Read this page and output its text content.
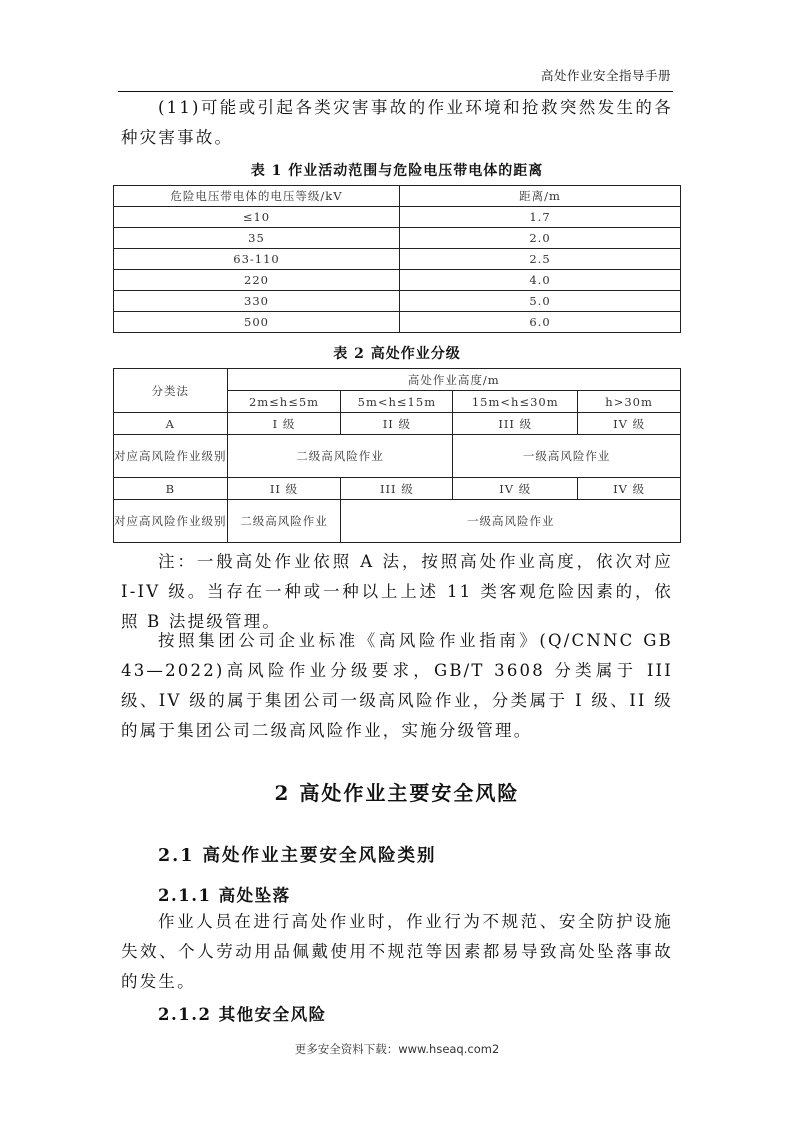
高处作业安全指导手册
(11)可能或引起各类灾害事故的作业环境和抢救突然发生的各种灾害事故。
表 1 作业活动范围与危险电压带电体的距离
危险电压带电体的电压等级/kV	距离/m
≤10	1.7
35	2.0
63-110	2.5
220	4.0
330	5.0
500	6.0
表 2 高处作业分级
分类法	高处作业高度/m			
	2m≤h≤5m	5m<h≤15m	15m<h≤30m	h>30m
A	I 级	II 级	III 级	IV 级
对应高风险作业级别	二级高风险作业		一级高风险作业	
B	II 级	III 级	IV 级	IV 级
对应高风险作业级别	二级高风险作业	一级高风险作业		
注：一般高处作业依照 A 法，按照高处作业高度，依次对应 I-IV 级。当存在一种或一种以上上述 11 类客观危险因素的，依照 B 法提级管理。
按照集团公司企业标准《高风险作业指南》(Q/CNNC GB 43—2022)高风险作业分级要求，GB/T 3608 分类属于 III 级、IV 级的属于集团公司一级高风险作业，分类属于 I 级、II 级的属于集团公司二级高风险作业，实施分级管理。
2 高处作业主要安全风险
2.1 高处作业主要安全风险类别
2.1.1 高处坠落
作业人员在进行高处作业时，作业行为不规范、安全防护设施失效、个人劳动用品佩戴使用不规范等因素都易导致高处坠落事故的发生。
2.1.2 其他安全风险
更多安全资料下载：www.hseaq.com2
